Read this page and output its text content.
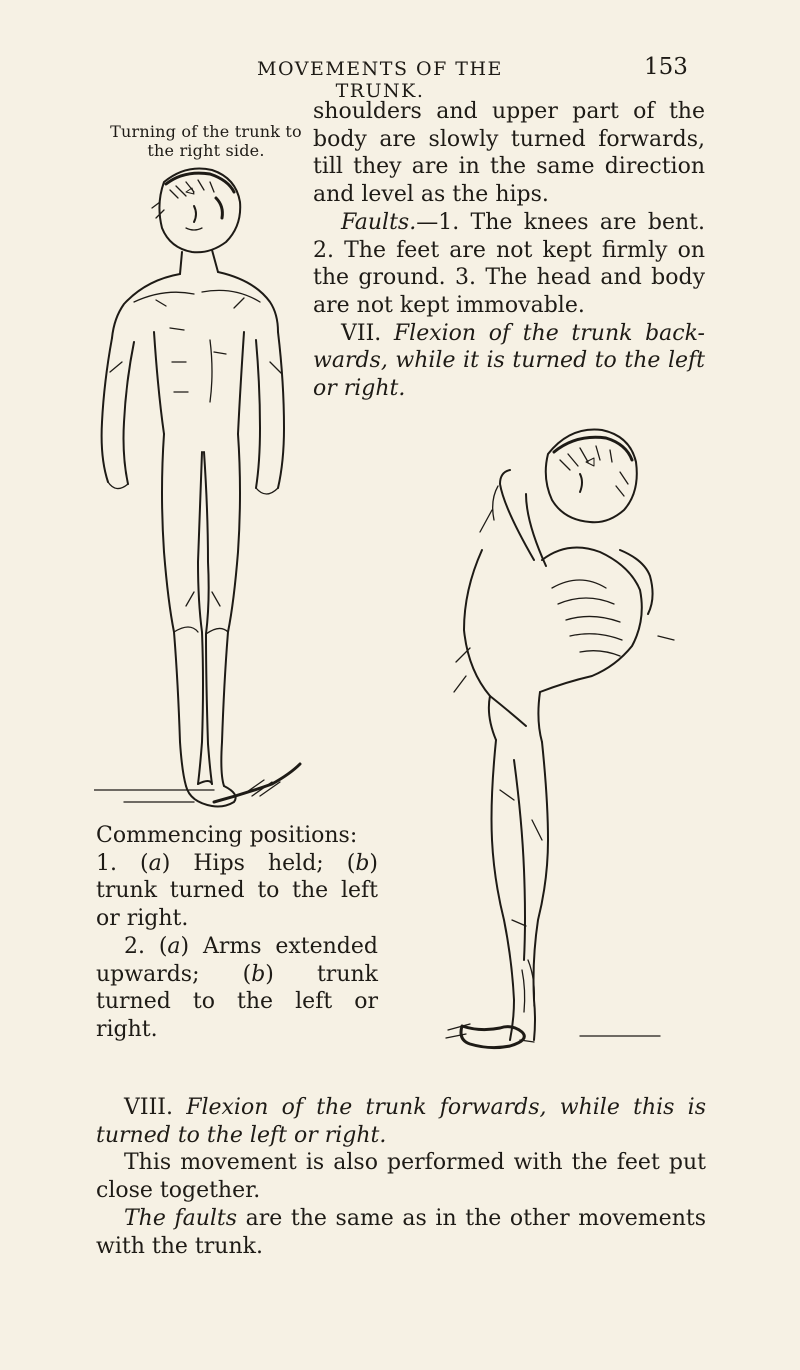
MOVEMENTS OF THE TRUNK.
153
Turning of the trunk to
the right side.

shoulders and upper part of the body are slowly turned forwards, till they are in the same direction and level as the hips.

Faults.—1. The knees are bent. 2. The feet are not kept firmly on the ground. 3. The head and body are not kept immovable.

VII. Flexion of the trunk back- wards, while it is turned to the left or right.

Commencing positions:

1. (a) Hips held; (b) trunk turned to the left or right.

2. (a) Arms extended upwards; (b) trunk turned to the left or right.

VIII. Flexion of the trunk forwards, while this is turned to the left or right.

This movement is also performed with the feet put close together.

The faults are the same as in the other movements with the trunk.
